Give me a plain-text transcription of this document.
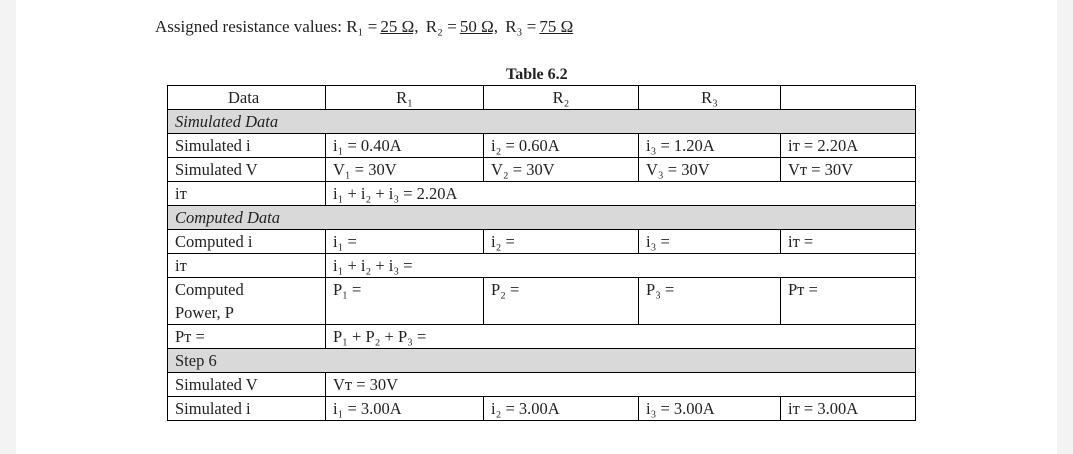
Assigned resistance values: R₁ = 25 Ω, R₂ = 50 Ω, R₃ = 75 Ω
Table 6.2
Data	R₁	R₂	R₃	
Simulated Data				
Simulated i	i₁ = 0.40A	i₂ = 0.60A	i₃ = 1.20A	iᴛ = 2.20A
Simulated V	V₁ = 30V	V₂ = 30V	V₃ = 30V	Vᴛ = 30V
iᴛ	i₁ + i₂ + i₃ = 2.20A			
Computed Data				
Computed i	i₁ =	i₂ =	i₃ =	iᴛ =
iᴛ	i₁ + i₂ + i₃ =			
Computed
Power, P	P₁ =	P₂ =	P₃ =	Pᴛ =
Pᴛ =	P₁ + P₂ + P₃ =			
Step 6				
Simulated V	Vᴛ = 30V			
Simulated i	i₁ = 3.00A	i₂ = 3.00A	i₃ = 3.00A	iᴛ = 3.00A
